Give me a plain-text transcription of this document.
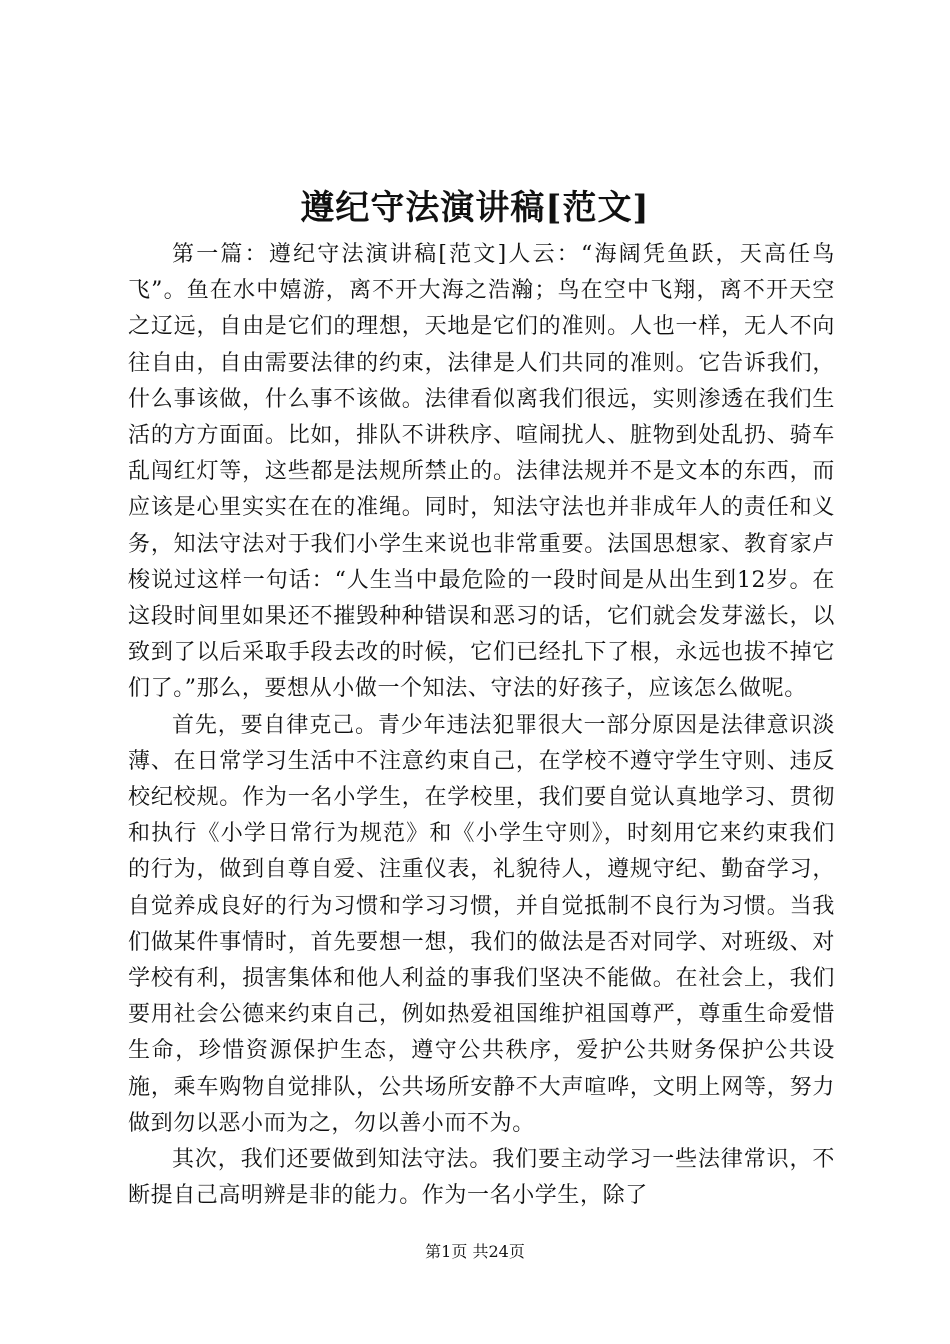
遵纪守法演讲稿[范文]

第一篇：遵纪守法演讲稿[范文]人云：“海阔凭鱼跃，天高任鸟飞”。鱼在水中嬉游，离不开大海之浩瀚；鸟在空中飞翔，离不开天空之辽远，自由是它们的理想，天地是它们的准则。人也一样，无人不向往自由，自由需要法律的约束，法律是人们共同的准则。它告诉我们，什么事该做，什么事不该做。法律看似离我们很远，实则渗透在我们生活的方方面面。比如，排队不讲秩序、喧闹扰人、脏物到处乱扔、骑车乱闯红灯等，这些都是法规所禁止的。法律法规并不是文本的东西，而应该是心里实实在在的准绳。同时，知法守法也并非成年人的责任和义务，知法守法对于我们小学生来说也非常重要。法国思想家、教育家卢梭说过这样一句话：“人生当中最危险的一段时间是从出生到12岁。在这段时间里如果还不摧毁种种错误和恶习的话，它们就会发芽滋长，以致到了以后采取手段去改的时候，它们已经扎下了根，永远也拔不掉它们了。”那么，要想从小做一个知法、守法的好孩子，应该怎么做呢。

首先，要自律克己。青少年违法犯罪很大一部分原因是法律意识淡薄、在日常学习生活中不注意约束自己，在学校不遵守学生守则、违反校纪校规。作为一名小学生，在学校里，我们要自觉认真地学习、贯彻和执行《小学日常行为规范》和《小学生守则》，时刻用它来约束我们的行为，做到自尊自爱、注重仪表，礼貌待人，遵规守纪、勤奋学习，自觉养成良好的行为习惯和学习习惯，并自觉抵制不良行为习惯。当我们做某件事情时，首先要想一想，我们的做法是否对同学、对班级、对学校有利，损害集体和他人利益的事我们坚决不能做。在社会上，我们要用社会公德来约束自己，例如热爱祖国维护祖国尊严，尊重生命爱惜生命，珍惜资源保护生态，遵守公共秩序，爱护公共财务保护公共设施，乘车购物自觉排队，公共场所安静不大声喧哗，文明上网等，努力做到勿以恶小而为之，勿以善小而不为。

其次，我们还要做到知法守法。我们要主动学习一些法律常识，不断提自己高明辨是非的能力。作为一名小学生，除了

第1页 共24页
